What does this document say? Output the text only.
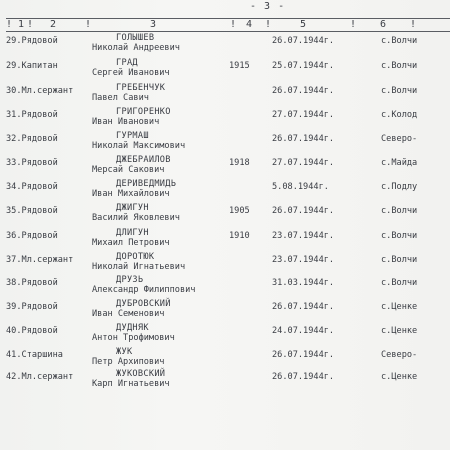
- 3 -
! 1 ! 2	!	3	! 4 !	5	! 6 !
29.Рядовой	ГОЛЫШЕВ
Николай Андреевич
26.07.1944г.	с.Волчи
29.Капитан	ГРАД
Сергей Иванович
1915	25.07.1944г.	с.Волчи
30.Мл.сержант	ГРЕБЕНЧУК
Павел Савич
26.07.1944г.	с.Волчи
31.Рядовой	ГРИГОРЕНКО
Иван Иванович
27.07.1944г.	с.Колод
32.Рядовой	ГУРМАШ
Николай Максимович
26.07.1944г.	Северо-
33.Рядовой	ДЖЕБРАИЛОВ
Мерсай Сакович
1918	27.07.1944г.	с.Майда
34.Рядовой	ДЕРИВЕДМИДЬ
Иван Михайлович
5.08.1944г.	с.Подлу
35.Рядовой	ДЖИГУН
Василий Яковлевич
1905	26.07.1944г.	с.Волчи
36.Рядовой	ДЛИГУН
Михаил Петрович
1910	23.07.1944г.	с.Волчи
37.Мл.сержант	ДОРОТЮК
Николай Игнатьевич
23.07.1944г.	с.Волчи
38.Рядовой	ДРУЗЬ
Александр Филиппович
31.03.1944г.	с.Волчи
39.Рядовой	ДУБРОВСКИЙ
Иван Семенович
26.07.1944г.	с.Ценке
40.Рядовой	ДУДНЯК
Антон Трофимович
24.07.1944г.	с.Ценке
41.Старшина	ЖУК
Петр Архипович
26.07.1944г.	Северо-
42.Мл.сержант	ЖУКОВСКИЙ
Карп Игнатьевич
26.07.1944г.	с.Ценке
